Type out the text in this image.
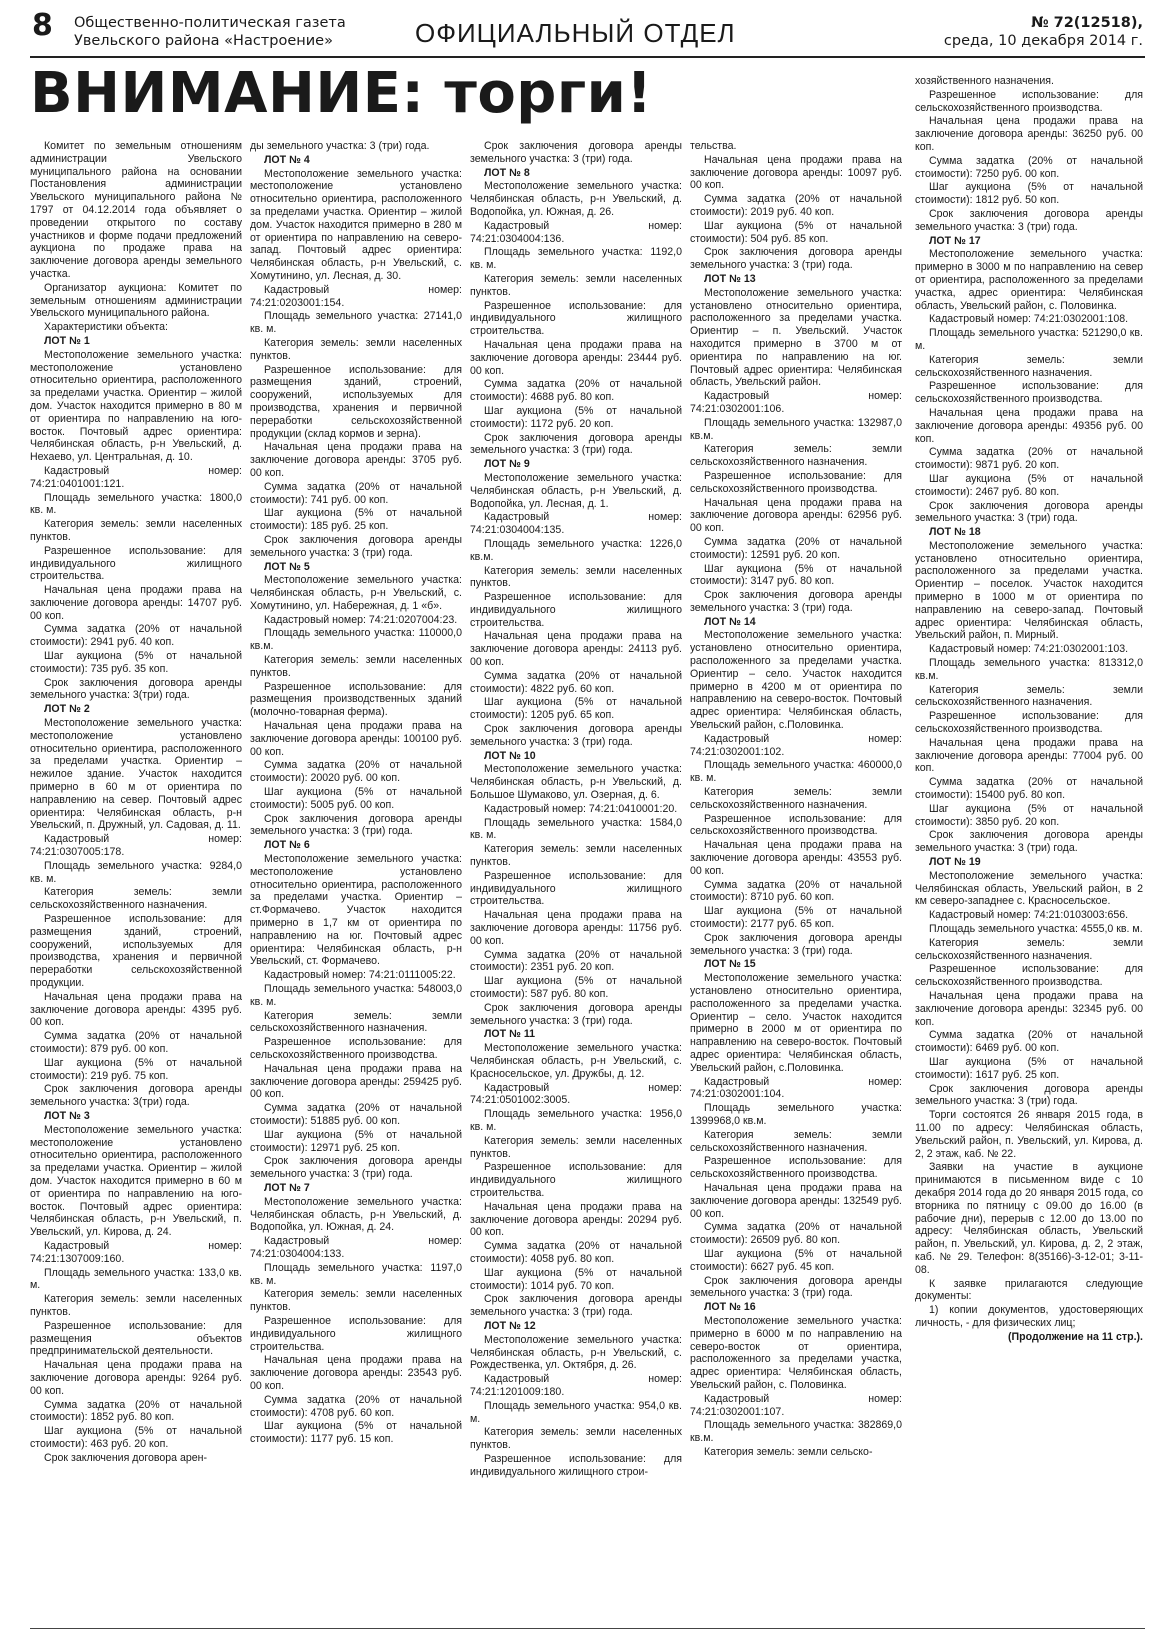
8 Общественно-политическая газета
Увельского района «Настроение»	ОФИЦИАЛЬНЫЙ ОТДЕЛ	№ 72(12518),
среда, 10 декабря 2014 г.
ВНИМАНИЕ: торги!

Комитет по земельным отношениям администрации Увельского муниципального района на основании Постановления администрации Увельского муниципального района № 1797 от 04.12.2014 года объявляет о проведении открытого по составу участников и форме подачи предложений аукциона по продаже права на заключение договора аренды земельного участка.

Организатор аукциона: Комитет по земельным отношениям администрации Увельского муниципального района.

Характеристики объекта:

ЛОТ № 1

Местоположение земельного участка: местоположение установлено относительно ориентира, расположенного за пределами участка. Ориентир – жилой дом. Участок находится примерно в 80 м от ориентира по направлению на юго-восток. Почтовый адрес ориентира: Челябинская область, р-н Увельский, д. Нехаево, ул. Центральная, д. 10.

Кадастровый номер: 74:21:0401001:121.

Площадь земельного участка: 1800,0 кв. м.

Категория земель: земли населенных пунктов.

Разрешенное использование: для индивидуального жилищного строительства.

Начальная цена продажи права на заключение договора аренды: 14707 руб. 00 коп.

Сумма задатка (20% от начальной стоимости): 2941 руб. 40 коп.

Шаг аукциона (5% от начальной стоимости): 735 руб. 35 коп.

Срок заключения договора аренды земельного участка: 3(три) года.

ЛОТ № 2

Местоположение земельного участка: местоположение установлено относительно ориентира, расположенного за пределами участка. Ориентир – нежилое здание. Участок находится примерно в 60 м от ориентира по направлению на север. Почтовый адрес ориентира: Челябинская область, р-н Увельский, п. Дружный, ул. Садовая, д. 11.

Кадастровый номер: 74:21:0307005:178.

Площадь земельного участка: 9284,0 кв. м.

Категория земель: земли сельскохозяйственного назначения.

Разрешенное использование: для размещения зданий, строений, сооружений, используемых для производства, хранения и первичной переработки сельскохозяйственной продукции.

Начальная цена продажи права на заключение договора аренды: 4395 руб. 00 коп.

Сумма задатка (20% от начальной стоимости): 879 руб. 00 коп.

Шаг аукциона (5% от начальной стоимости): 219 руб. 75 коп.

Срок заключения договора аренды земельного участка: 3(три) года.

ЛОТ № 3

Местоположение земельного участка: местоположение установлено относительно ориентира, расположенного за пределами участка. Ориентир – жилой дом. Участок находится примерно в 60 м от ориентира по направлению на юго-восток. Почтовый адрес ориентира: Челябинская область, р-н Увельский, п. Увельский, ул. Кирова, д. 24.

Кадастровый номер: 74:21:1307009:160.

Площадь земельного участка: 133,0 кв. м.

Категория земель: земли населенных пунктов.

Разрешенное использование: для размещения объектов предпринимательской деятельности.

Начальная цена продажи права на заключение договора аренды: 9264 руб. 00 коп.

Сумма задатка (20% от начальной стоимости): 1852 руб. 80 коп.

Шаг аукциона (5% от начальной стоимости): 463 руб. 20 коп.

Срок заключения договора арен-

ды земельного участка: 3 (три) года.

ЛОТ № 4

Местоположение земельного участка: местоположение установлено относительно ориентира, расположенного за пределами участка. Ориентир – жилой дом. Участок находится примерно в 280 м от ориентира по направлению на северо-запад. Почтовый адрес ориентира: Челябинская область, р-н Увельский, с. Хомутинино, ул. Лесная, д. 30.

Кадастровый номер: 74:21:0203001:154.

Площадь земельного участка: 27141,0 кв. м.

Категория земель: земли населенных пунктов.

Разрешенное использование: для размещения зданий, строений, сооружений, используемых для производства, хранения и первичной переработки сельскохозяйственной продукции (склад кормов и зерна).

Начальная цена продажи права на заключение договора аренды: 3705 руб. 00 коп.

Сумма задатка (20% от начальной стоимости): 741 руб. 00 коп.

Шаг аукциона (5% от начальной стоимости): 185 руб. 25 коп.

Срок заключения договора аренды земельного участка: 3 (три) года.

ЛОТ № 5

Местоположение земельного участка: Челябинская область, р-н Увельский, с. Хомутинино, ул. Набережная, д. 1 «б».

Кадастровый номер: 74:21:0207004:23.

Площадь земельного участка: 110000,0 кв.м.

Категория земель: земли населенных пунктов.

Разрешенное использование: для размещения производственных зданий (молочно-товарная ферма).

Начальная цена продажи права на заключение договора аренды: 100100 руб. 00 коп.

Сумма задатка (20% от начальной стоимости): 20020 руб. 00 коп.

Шаг аукциона (5% от начальной стоимости): 5005 руб. 00 коп.

Срок заключения договора аренды земельного участка: 3 (три) года.

ЛОТ № 6

Местоположение земельного участка: местоположение установлено относительно ориентира, расположенного за пределами участка. Ориентир – ст.Формачево. Участок находится примерно в 1,7 км от ориентира по направлению на юг. Почтовый адрес ориентира: Челябинская область, р-н Увельский, ст. Формачево.

Кадастровый номер: 74:21:0111005:22.

Площадь земельного участка: 548003,0 кв. м.

Категория земель: земли сельскохозяйственного назначения.

Разрешенное использование: для сельскохозяйственного производства.

Начальная цена продажи права на заключение договора аренды: 259425 руб. 00 коп.

Сумма задатка (20% от начальной стоимости): 51885 руб. 00 коп.

Шаг аукциона (5% от начальной стоимости): 12971 руб. 25 коп.

Срок заключения договора аренды земельного участка: 3 (три) года.

ЛОТ № 7

Местоположение земельного участка: Челябинская область, р-н Увельский, д. Водопойка, ул. Южная, д. 24.

Кадастровый номер: 74:21:0304004:133.

Площадь земельного участка: 1197,0 кв. м.

Категория земель: земли населенных пунктов.

Разрешенное использование: для индивидуального жилищного строительства.

Начальная цена продажи права на заключение договора аренды: 23543 руб. 00 коп.

Сумма задатка (20% от начальной стоимости): 4708 руб. 60 коп.

Шаг аукциона (5% от начальной стоимости): 1177 руб. 15 коп.

Срок заключения договора аренды земельного участка: 3 (три) года.

ЛОТ № 8

Местоположение земельного участка: Челябинская область, р-н Увельский, д. Водопойка, ул. Южная, д. 26.

Кадастровый номер: 74:21:0304004:136.

Площадь земельного участка: 1192,0 кв. м.

Категория земель: земли населенных пунктов.

Разрешенное использование: для индивидуального жилищного строительства.

Начальная цена продажи права на заключение договора аренды: 23444 руб. 00 коп.

Сумма задатка (20% от начальной стоимости): 4688 руб. 80 коп.

Шаг аукциона (5% от начальной стоимости): 1172 руб. 20 коп.

Срок заключения договора аренды земельного участка: 3 (три) года.

ЛОТ № 9

Местоположение земельного участка: Челябинская область, р-н Увельский, д. Водопойка, ул. Лесная, д. 1.

Кадастровый номер: 74:21:0304004:135.

Площадь земельного участка: 1226,0 кв.м.

Категория земель: земли населенных пунктов.

Разрешенное использование: для индивидуального жилищного строительства.

Начальная цена продажи права на заключение договора аренды: 24113 руб. 00 коп.

Сумма задатка (20% от начальной стоимости): 4822 руб. 60 коп.

Шаг аукциона (5% от начальной стоимости): 1205 руб. 65 коп.

Срок заключения договора аренды земельного участка: 3 (три) года.

ЛОТ № 10

Местоположение земельного участка: Челябинская область, р-н Увельский, д. Большое Шумаково, ул. Озерная, д. 6.

Кадастровый номер: 74:21:0410001:20.

Площадь земельного участка: 1584,0 кв. м.

Категория земель: земли населенных пунктов.

Разрешенное использование: для индивидуального жилищного строительства.

Начальная цена продажи права на заключение договора аренды: 11756 руб. 00 коп.

Сумма задатка (20% от начальной стоимости): 2351 руб. 20 коп.

Шаг аукциона (5% от начальной стоимости): 587 руб. 80 коп.

Срок заключения договора аренды земельного участка: 3 (три) года.

ЛОТ № 11

Местоположение земельного участка: Челябинская область, р-н Увельский, с. Красносельское, ул. Дружбы, д. 12.

Кадастровый номер: 74:21:0501002:3005.

Площадь земельного участка: 1956,0 кв. м.

Категория земель: земли населенных пунктов.

Разрешенное использование: для индивидуального жилищного строительства.

Начальная цена продажи права на заключение договора аренды: 20294 руб. 00 коп.

Сумма задатка (20% от начальной стоимости): 4058 руб. 80 коп.

Шаг аукциона (5% от начальной стоимости): 1014 руб. 70 коп.

Срок заключения договора аренды земельного участка: 3 (три) года.

ЛОТ № 12

Местоположение земельного участка: Челябинская область, р-н Увельский, с. Рождественка, ул. Октября, д. 26.

Кадастровый номер: 74:21:1201009:180.

Площадь земельного участка: 954,0 кв. м.

Категория земель: земли населенных пунктов.

Разрешенное использование: для индивидуального жилищного строи-

тельства.

Начальная цена продажи права на заключение договора аренды: 10097 руб. 00 коп.

Сумма задатка (20% от начальной стоимости): 2019 руб. 40 коп.

Шаг аукциона (5% от начальной стоимости): 504 руб. 85 коп.

Срок заключения договора аренды земельного участка: 3 (три) года.

ЛОТ № 13

Местоположение земельного участка: установлено относительно ориентира, расположенного за пределами участка. Ориентир – п. Увельский. Участок находится примерно в 3700 м от ориентира по направлению на юг. Почтовый адрес ориентира: Челябинская область, Увельский район.

Кадастровый номер: 74:21:0302001:106.

Площадь земельного участка: 132987,0 кв.м.

Категория земель: земли сельскохозяйственного назначения.

Разрешенное использование: для сельскохозяйственного производства.

Начальная цена продажи права на заключение договора аренды: 62956 руб. 00 коп.

Сумма задатка (20% от начальной стоимости): 12591 руб. 20 коп.

Шаг аукциона (5% от начальной стоимости): 3147 руб. 80 коп.

Срок заключения договора аренды земельного участка: 3 (три) года.

ЛОТ № 14

Местоположение земельного участка: установлено относительно ориентира, расположенного за пределами участка. Ориентир – село. Участок находится примерно в 4200 м от ориентира по направлению на северо-восток. Почтовый адрес ориентира: Челябинская область, Увельский район, с.Половинка.

Кадастровый номер: 74:21:0302001:102.

Площадь земельного участка: 460000,0 кв. м.

Категория земель: земли сельскохозяйственного назначения.

Разрешенное использование: для сельскохозяйственного производства.

Начальная цена продажи права на заключение договора аренды: 43553 руб. 00 коп.

Сумма задатка (20% от начальной стоимости): 8710 руб. 60 коп.

Шаг аукциона (5% от начальной стоимости): 2177 руб. 65 коп.

Срок заключения договора аренды земельного участка: 3 (три) года.

ЛОТ № 15

Местоположение земельного участка: установлено относительно ориентира, расположенного за пределами участка. Ориентир – село. Участок находится примерно в 2000 м от ориентира по направлению на северо-восток. Почтовый адрес ориентира: Челябинская область, Увельский район, с.Половинка.

Кадастровый номер: 74:21:0302001:104.

Площадь земельного участка: 1399968,0 кв.м.

Категория земель: земли сельскохозяйственного назначения.

Разрешенное использование: для сельскохозяйственного производства.

Начальная цена продажи права на заключение договора аренды: 132549 руб. 00 коп.

Сумма задатка (20% от начальной стоимости): 26509 руб. 80 коп.

Шаг аукциона (5% от начальной стоимости): 6627 руб. 45 коп.

Срок заключения договора аренды земельного участка: 3 (три) года.

ЛОТ № 16

Местоположение земельного участка: примерно в 6000 м по направлению на северо-восток от ориентира, расположенного за пределами участка, адрес ориентира: Челябинская область, Увельский район, с. Половинка.

Кадастровый номер: 74:21:0302001:107.

Площадь земельного участка: 382869,0 кв.м.

Категория земель: земли сельско-

хозяйственного назначения.

Разрешенное использование: для сельскохозяйственного производства.

Начальная цена продажи права на заключение договора аренды: 36250 руб. 00 коп.

Сумма задатка (20% от начальной стоимости): 7250 руб. 00 коп.

Шаг аукциона (5% от начальной стоимости): 1812 руб. 50 коп.

Срок заключения договора аренды земельного участка: 3 (три) года.

ЛОТ № 17

Местоположение земельного участка: примерно в 3000 м по направлению на север от ориентира, расположенного за пределами участка, адрес ориентира: Челябинская область, Увельский район, с. Половинка.

Кадастровый номер: 74:21:0302001:108.

Площадь земельного участка: 521290,0 кв. м.

Категория земель: земли сельскохозяйственного назначения.

Разрешенное использование: для сельскохозяйственного производства.

Начальная цена продажи права на заключение договора аренды: 49356 руб. 00 коп.

Сумма задатка (20% от начальной стоимости): 9871 руб. 20 коп.

Шаг аукциона (5% от начальной стоимости): 2467 руб. 80 коп.

Срок заключения договора аренды земельного участка: 3 (три) года.

ЛОТ № 18

Местоположение земельного участка: установлено относительно ориентира, расположенного за пределами участка. Ориентир – поселок. Участок находится примерно в 1000 м от ориентира по направлению на северо-запад. Почтовый адрес ориентира: Челябинская область, Увельский район, п. Мирный.

Кадастровый номер: 74:21:0302001:103.

Площадь земельного участка: 813312,0 кв.м.

Категория земель: земли сельскохозяйственного назначения.

Разрешенное использование: для сельскохозяйственного производства.

Начальная цена продажи права на заключение договора аренды: 77004 руб. 00 коп.

Сумма задатка (20% от начальной стоимости): 15400 руб. 80 коп.

Шаг аукциона (5% от начальной стоимости): 3850 руб. 20 коп.

Срок заключения договора аренды земельного участка: 3 (три) года.

ЛОТ № 19

Местоположение земельного участка: Челябинская область, Увельский район, в 2 км северо-западнее с. Красносельское.

Кадастровый номер: 74:21:0103003:656.

Площадь земельного участка: 4555,0 кв. м.

Категория земель: земли сельскохозяйственного назначения.

Разрешенное использование: для сельскохозяйственного производства.

Начальная цена продажи права на заключение договора аренды: 32345 руб. 00 коп.

Сумма задатка (20% от начальной стоимости): 6469 руб. 00 коп.

Шаг аукциона (5% от начальной стоимости): 1617 руб. 25 коп.

Срок заключения договора аренды земельного участка: 3 (три) года.

Торги состоятся 26 января 2015 года, в 11.00 по адресу: Челябинская область, Увельский район, п. Увельский, ул. Кирова, д. 2, 2 этаж, каб. № 22.

Заявки на участие в аукционе принимаются в письменном виде с 10 декабря 2014 года до 20 января 2015 года, со вторника по пятницу с 09.00 до 16.00 (в рабочие дни), перерыв с 12.00 до 13.00 по адресу: Челябинская область, Увельский район, п. Увельский, ул. Кирова, д. 2, 2 этаж, каб. № 29. Телефон: 8(35166)-3-12-01; 3-11-08.

К заявке прилагаются следующие документы:

1) копии документов, удостоверяющих личность, - для физических лиц;

(Продолжение на 11 стр.).
